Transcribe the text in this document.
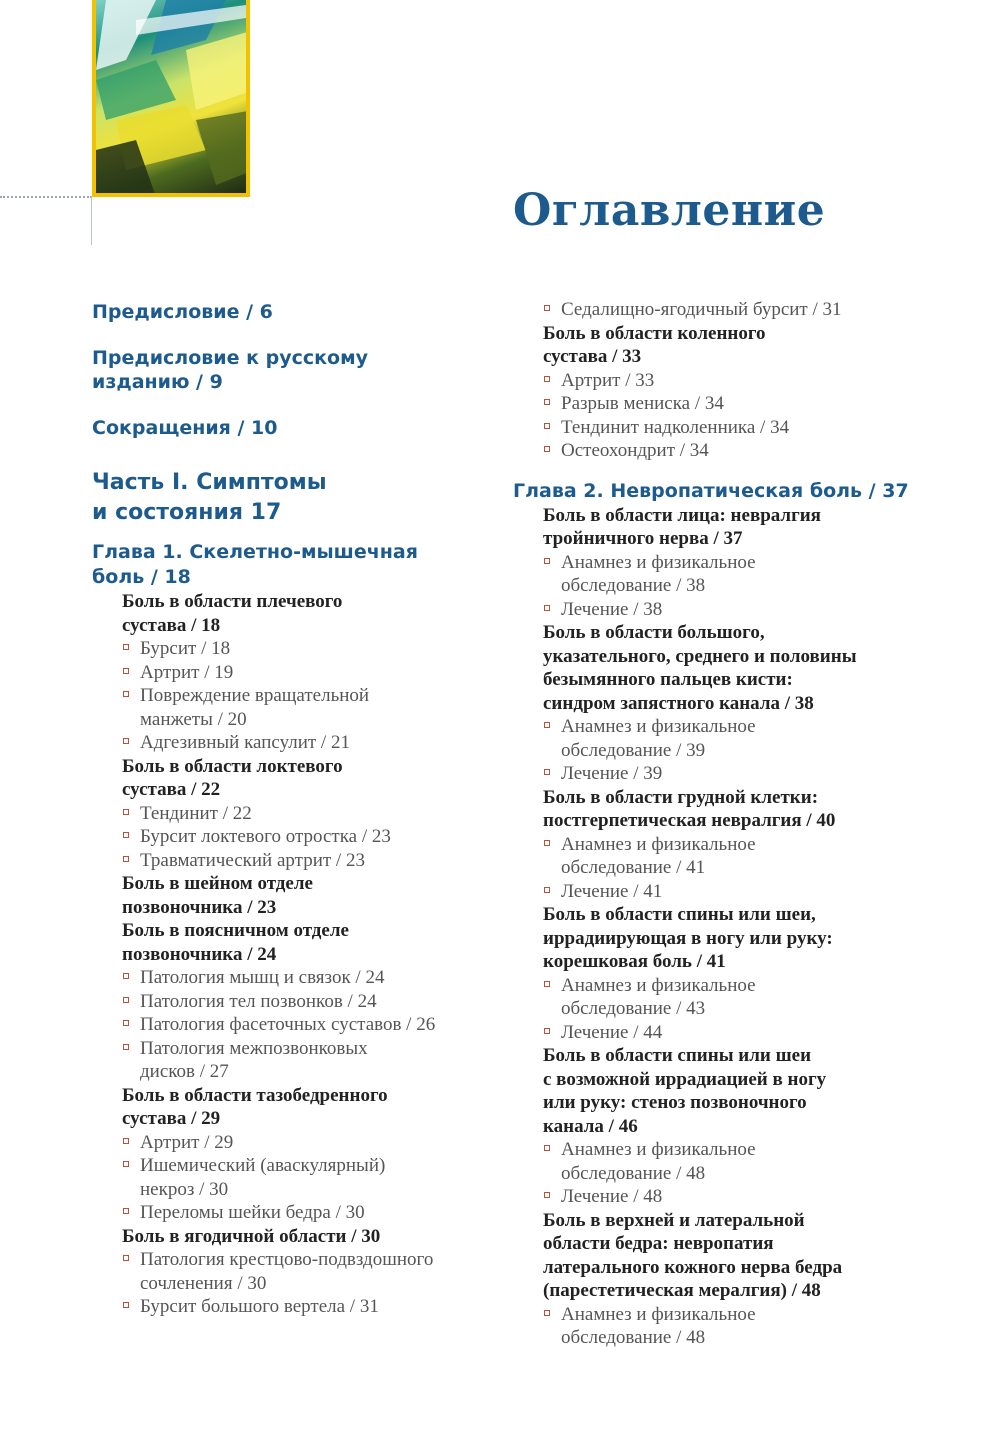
Оглавление
Предисловие / 6
Предисловие к русскому
изданию / 9
Сокращения / 10
Часть I. Симптомы
и состояния 17
Глава 1. Скелетно-мышечная
боль / 18
Боль в области плечевого
сустава / 18
Бурсит / 18
Артрит / 19
Повреждение вращательной
манжеты / 20
Адгезивный капсулит / 21
Боль в области локтевого
сустава / 22
Тендинит / 22
Бурсит локтевого отростка / 23
Травматический артрит / 23
Боль в шейном отделе
позвоночника / 23
Боль в поясничном отделе
позвоночника / 24
Патология мышц и связок / 24
Патология тел позвонков / 24
Патология фасеточных суставов / 26
Патология межпозвонковых
дисков / 27
Боль в области тазобедренного
сустава / 29
Артрит / 29
Ишемический (аваскулярный)
некроз / 30
Переломы шейки бедра / 30
Боль в ягодичной области / 30
Патология крестцово-подвздошного
сочленения / 30
Бурсит большого вертела / 31
Седалищно-ягодичный бурсит / 31
Боль в области коленного
сустава / 33
Артрит / 33
Разрыв мениска / 34
Тендинит надколенника / 34
Остеохондрит / 34
Глава 2. Невропатическая боль / 37
Боль в области лица: невралгия
тройничного нерва / 37
Анамнез и физикальное
обследование / 38
Лечение / 38
Боль в области большого,
указательного, среднего и половины
безымянного пальцев кисти:
синдром запястного канала / 38
Анамнез и физикальное
обследование / 39
Лечение / 39
Боль в области грудной клетки:
постгерпетическая невралгия / 40
Анамнез и физикальное
обследование / 41
Лечение / 41
Боль в области спины или шеи,
иррадиирующая в ногу или руку:
корешковая боль / 41
Анамнез и физикальное
обследование / 43
Лечение / 44
Боль в области спины или шеи
с возможной иррадиацией в ногу
или руку: стеноз позвоночного
канала / 46
Анамнез и физикальное
обследование / 48
Лечение / 48
Боль в верхней и латеральной
области бедра: невропатия
латерального кожного нерва бедра
(парестетическая мералгия) / 48
Анамнез и физикальное
обследование / 48
